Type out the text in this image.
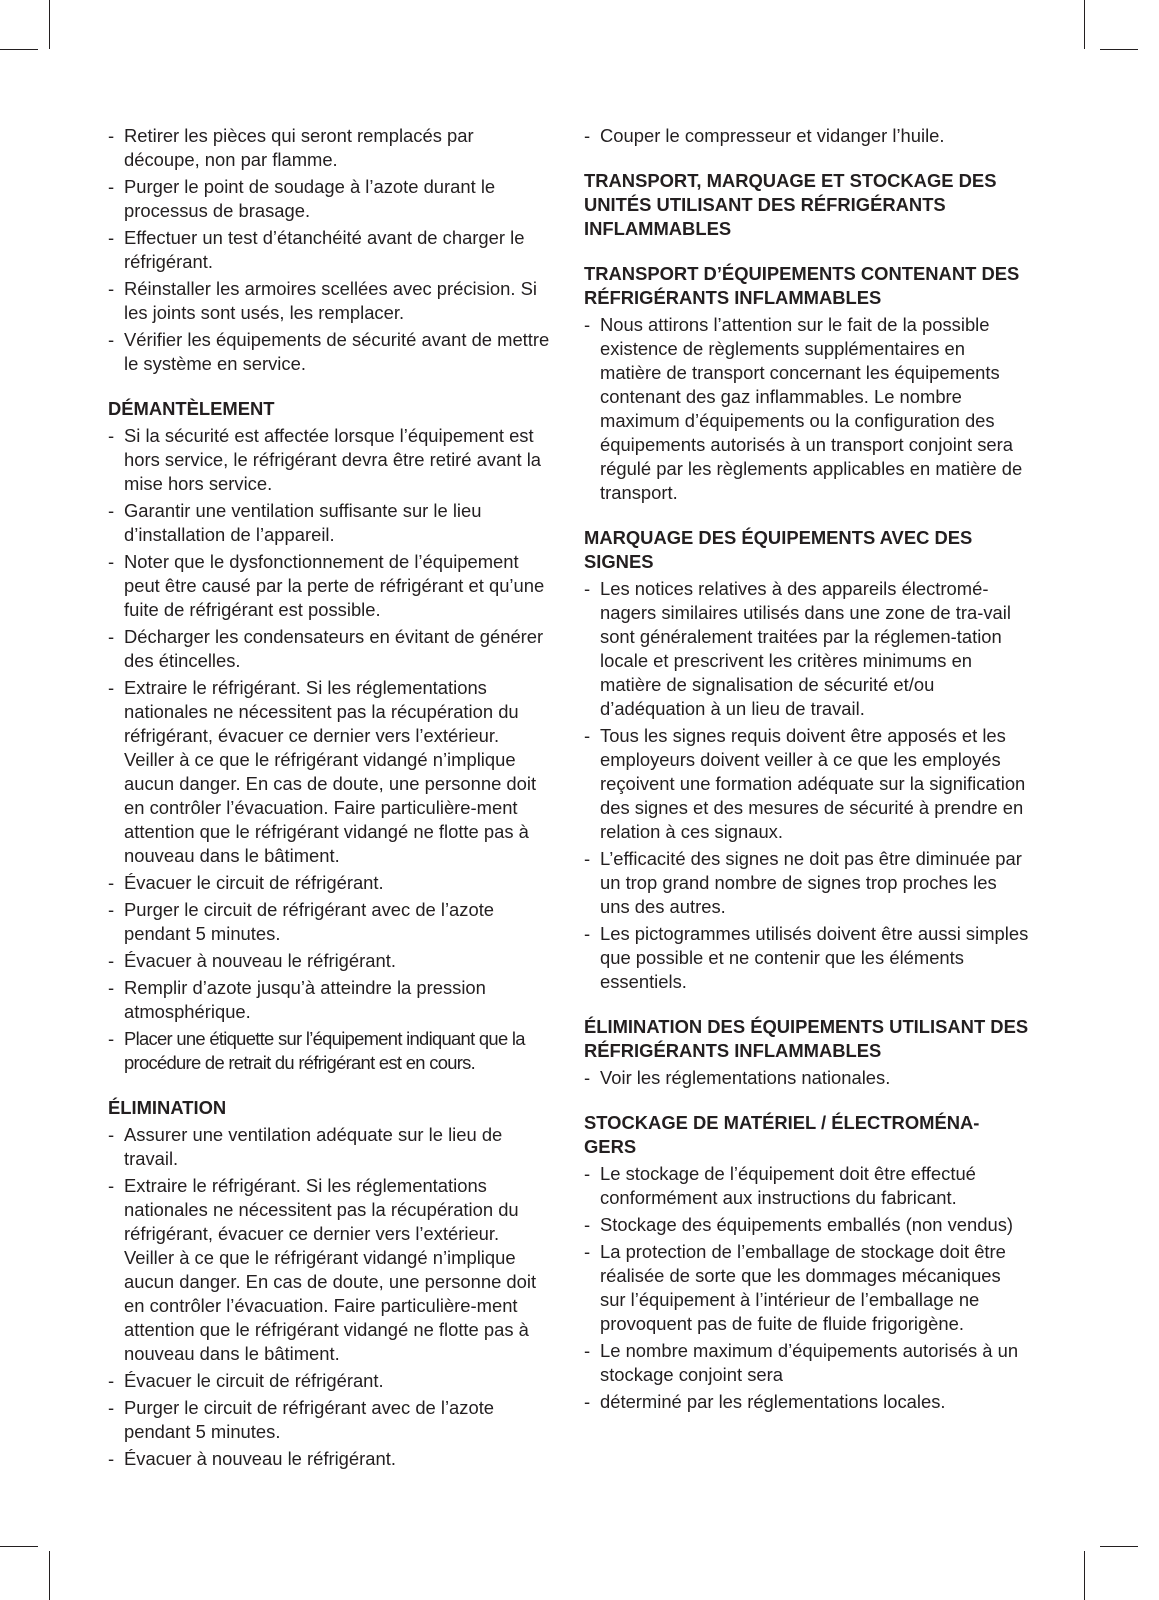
- Retirer les pièces qui seront remplacés par découpe, non par flamme.
- Purger le point de soudage à l’azote durant le processus de brasage.
- Effectuer un test d’étanchéité avant de charger le réfrigérant.
- Réinstaller les armoires scellées avec précision. Si les joints sont usés, les remplacer.
- Vérifier les équipements de sécurité avant de mettre le système en service.
DÉMANTÈLEMENT
- Si la sécurité est affectée lorsque l’équipement est hors service, le réfrigérant devra être retiré avant la mise hors service.
- Garantir une ventilation suffisante sur le lieu d’installation de l’appareil.
- Noter que le dysfonctionnement de l’équipement peut être causé par la perte de réfrigérant et qu’une fuite de réfrigérant est possible.
- Décharger les condensateurs en évitant de générer des étincelles.
- Extraire le réfrigérant. Si les réglementations nationales ne nécessitent pas la récupération du réfrigérant, évacuer ce dernier vers l’extérieur. Veiller à ce que le réfrigérant vidangé n’implique aucun danger. En cas de doute, une personne doit en contrôler l’évacuation. Faire particulière-ment attention que le réfrigérant vidangé ne flotte pas à nouveau dans le bâtiment.
- Évacuer le circuit de réfrigérant.
- Purger le circuit de réfrigérant avec de l’azote pendant 5 minutes.
- Évacuer à nouveau le réfrigérant.
- Remplir d’azote jusqu’à atteindre la pression atmosphérique.
- Placer une étiquette sur l’équipement indiquant que la procédure de retrait du réfrigérant est en cours.
ÉLIMINATION
- Assurer une ventilation adéquate sur le lieu de travail.
- Extraire le réfrigérant. Si les réglementations nationales ne nécessitent pas la récupération du réfrigérant, évacuer ce dernier vers l’extérieur. Veiller à ce que le réfrigérant vidangé n’implique aucun danger. En cas de doute, une personne doit en contrôler l’évacuation. Faire particulière-ment attention que le réfrigérant vidangé ne flotte pas à nouveau dans le bâtiment.
- Évacuer le circuit de réfrigérant.
- Purger le circuit de réfrigérant avec de l’azote pendant 5 minutes.
- Évacuer à nouveau le réfrigérant.
- Couper le compresseur et vidanger l’huile.
TRANSPORT, MARQUAGE ET STOCKAGE DES UNITÉS UTILISANT DES RÉFRIGÉRANTS INFLAMMABLES
TRANSPORT D’ÉQUIPEMENTS CONTENANT DES RÉFRIGÉRANTS INFLAMMABLES
- Nous attirons l’attention sur le fait de la possible existence de règlements supplémentaires en matière de transport concernant les équipements contenant des gaz inflammables. Le nombre maximum d’équipements ou la configuration des équipements autorisés à un transport conjoint sera régulé par les règlements applicables en matière de transport.
MARQUAGE DES ÉQUIPEMENTS AVEC DES SIGNES
- Les notices relatives à des appareils électromé-nagers similaires utilisés dans une zone de tra-vail sont généralement traitées par la réglemen-tation locale et prescrivent les critères minimums en matière de signalisation de sécurité et/ou d’adéquation à un lieu de travail.
- Tous les signes requis doivent être apposés et les employeurs doivent veiller à ce que les employés reçoivent une formation adéquate sur la signification des signes et des mesures de sécurité à prendre en relation à ces signaux.
- L’efficacité des signes ne doit pas être diminuée par un trop grand nombre de signes trop proches les uns des autres.
- Les pictogrammes utilisés doivent être aussi simples que possible et ne contenir que les éléments essentiels.
ÉLIMINATION DES ÉQUIPEMENTS UTILISANT DES RÉFRIGÉRANTS INFLAMMABLES
- Voir les réglementations nationales.
STOCKAGE DE MATÉRIEL / ÉLECTROMÉNA-GERS
- Le stockage de l’équipement doit être effectué conformément aux instructions du fabricant.
- Stockage des équipements emballés (non vendus)
- La protection de l’emballage de stockage doit être réalisée de sorte que les dommages mécaniques sur l’équipement à l’intérieur de l’emballage ne provoquent pas de fuite de fluide frigorigène.
- Le nombre maximum d’équipements autorisés à un stockage conjoint sera
- déterminé par les réglementations locales.
